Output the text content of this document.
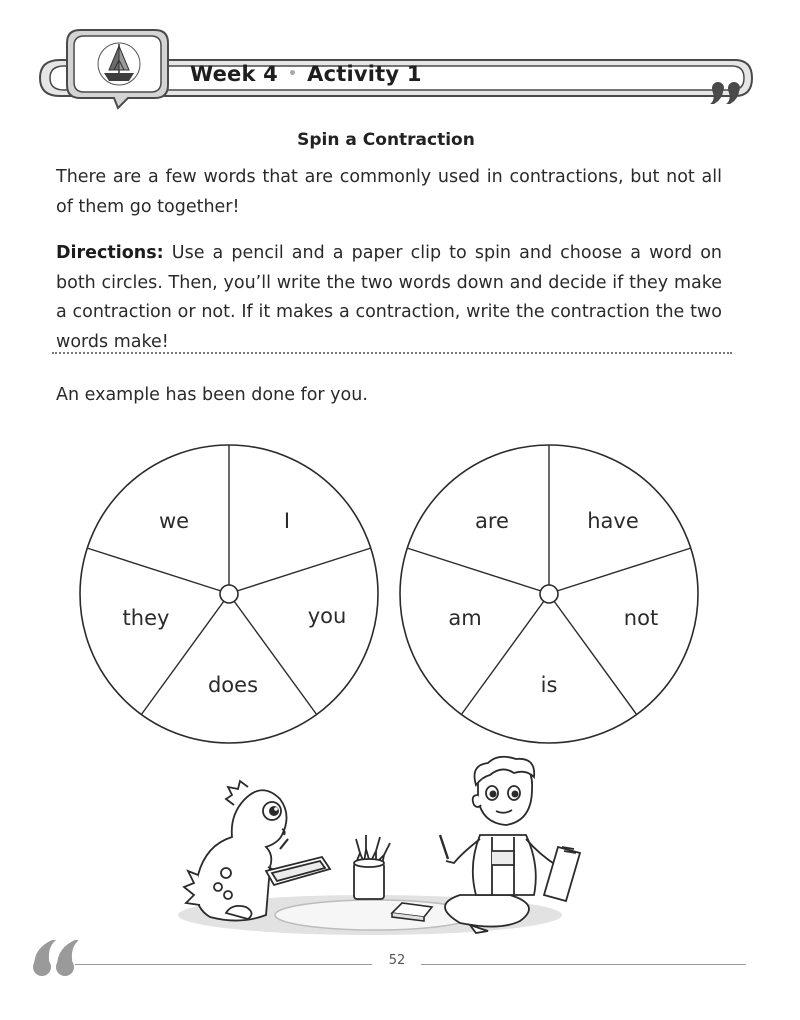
Week 4 • Activity 1
Spin a Contraction
There are a few words that are commonly used in contractions, but not all of them go together!
Directions: Use a pencil and a paper clip to spin and choose a word on both circles. Then, you’ll write the two words down and decide if they make a contraction or not. If it makes a contraction, write the contraction the two words make!
An example has been done for you.
we	I
you
does
they
are	have
not
is
am
52
